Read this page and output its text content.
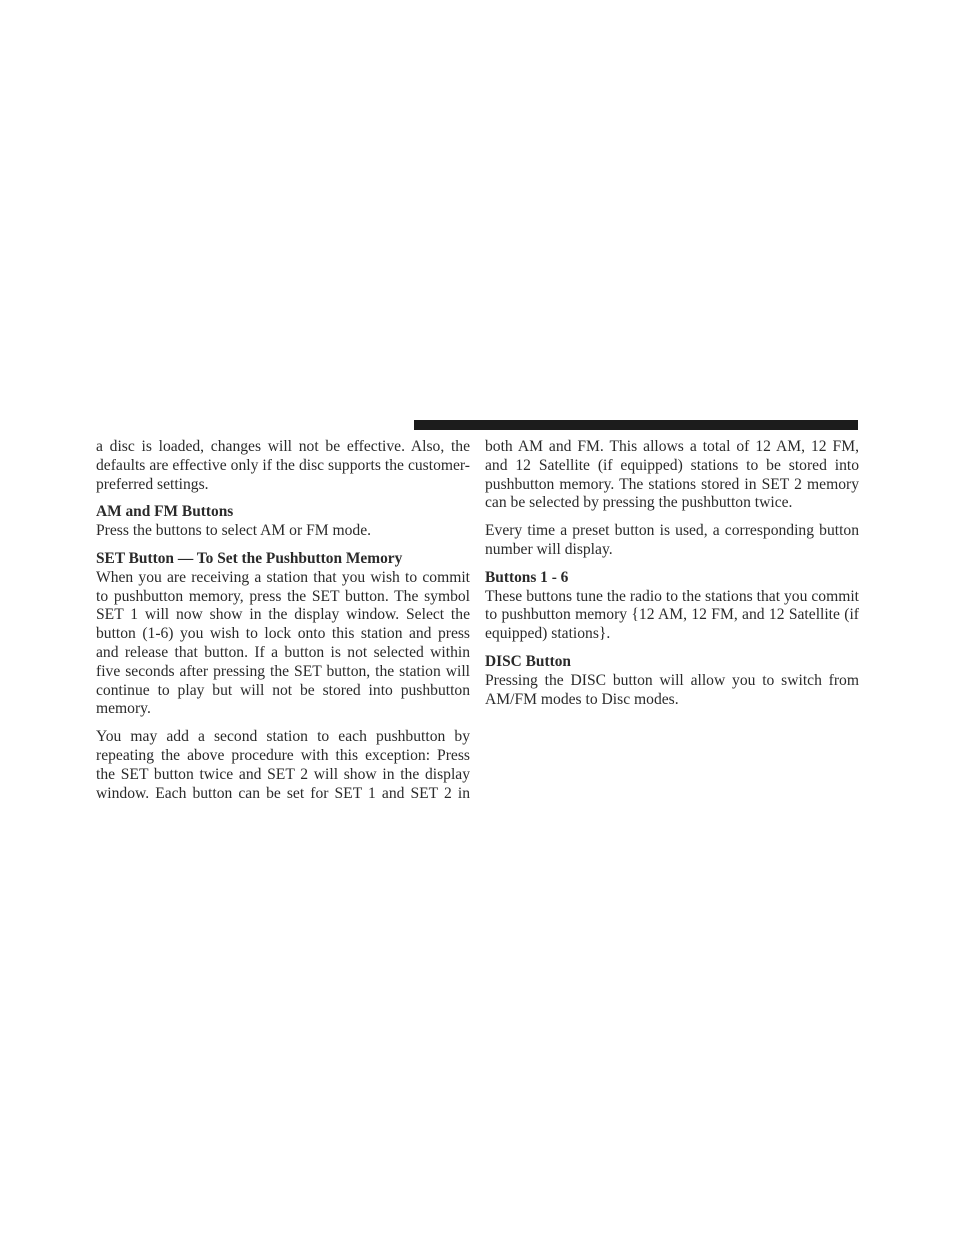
a disc is loaded, changes will not be effective. Also, the defaults are effective only if the disc supports the customer-preferred settings.

AM and FM Buttons

Press the buttons to select AM or FM mode.

SET Button — To Set the Pushbutton Memory

When you are receiving a station that you wish to commit to pushbutton memory, press the SET button. The symbol SET 1 will now show in the display window. Select the button (1-6) you wish to lock onto this station and press and release that button. If a button is not selected within five seconds after pressing the SET button, the station will continue to play but will not be stored into pushbutton memory.

You may add a second station to each pushbutton by repeating the above procedure with this exception: Press the SET button twice and SET 2 will show in the display window. Each button can be set for SET 1 and SET 2 in

both AM and FM. This allows a total of 12 AM, 12 FM, and 12 Satellite (if equipped) stations to be stored into pushbutton memory. The stations stored in SET 2 memory can be selected by pressing the pushbutton twice.

Every time a preset button is used, a corresponding button number will display.

Buttons 1 - 6

These buttons tune the radio to the stations that you commit to pushbutton memory {12 AM, 12 FM, and 12 Satellite (if equipped) stations}.

DISC Button

Pressing the DISC button will allow you to switch from AM/FM modes to Disc modes.
